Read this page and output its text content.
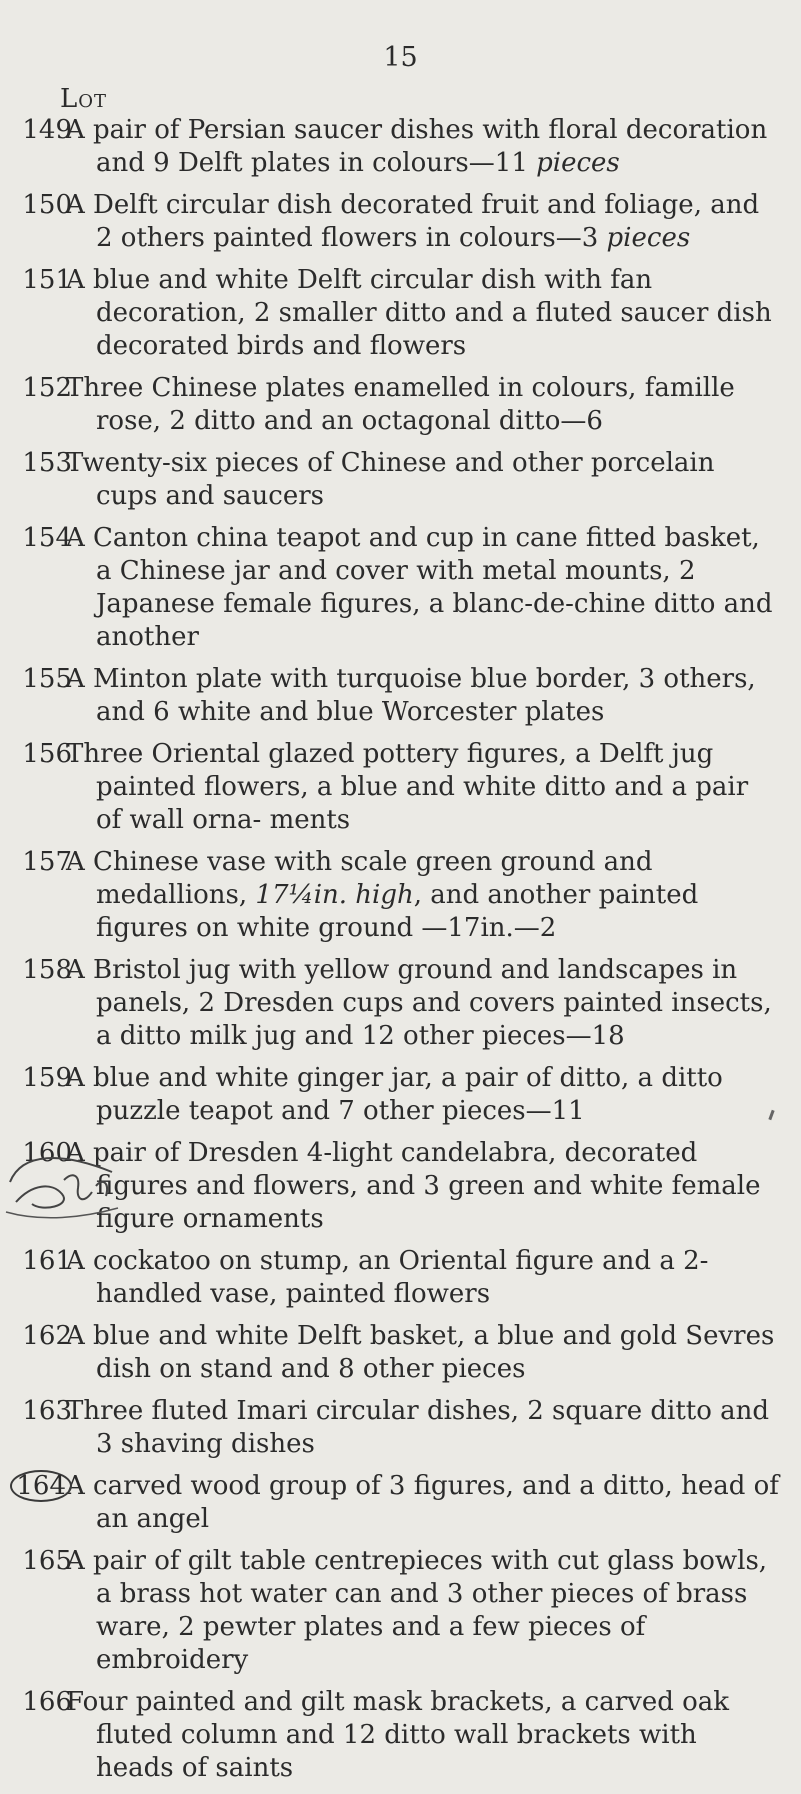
15
Lot
149
A pair of Persian saucer dishes with floral decoration and 9 Delft plates in colours—11 pieces
150
A Delft circular dish decorated fruit and foliage, and 2 others painted flowers in colours—3 pieces
151
A blue and white Delft circular dish with fan decoration, 2 smaller ditto and a fluted saucer dish decorated birds and flowers
152
Three Chinese plates enamelled in colours, famille rose, 2 ditto and an octagonal ditto—6
153
Twenty-six pieces of Chinese and other porcelain cups and saucers
154
A Canton china teapot and cup in cane fitted basket, a Chinese jar and cover with metal mounts, 2 Japanese female figures, a blanc-de-chine ditto and another
155
A Minton plate with turquoise blue border, 3 others, and 6 white and blue Worcester plates
156
Three Oriental glazed pottery figures, a Delft jug painted flowers, a blue and white ditto and a pair of wall orna- ments
157
A Chinese vase with scale green ground and medallions, 17¼in. high, and another painted figures on white ground —17in.—2
158
A Bristol jug with yellow ground and landscapes in panels, 2 Dresden cups and covers painted insects, a ditto milk jug and 12 other pieces—18
159
A blue and white ginger jar, a pair of ditto, a ditto puzzle teapot and 7 other pieces—11
160
A pair of Dresden 4-light candelabra, decorated figures and flowers, and 3 green and white female figure ornaments
161
A cockatoo on stump, an Oriental figure and a 2-handled vase, painted flowers
162
A blue and white Delft basket, a blue and gold Sevres dish on stand and 8 other pieces
163
Three fluted Imari circular dishes, 2 square ditto and 3 shaving dishes
164 A carved wood group of 3 figures, and a ditto, head of an angel
165
A pair of gilt table centrepieces with cut glass bowls, a brass hot water can and 3 other pieces of brass ware, 2 pewter plates and a few pieces of embroidery
166
Four painted and gilt mask brackets, a carved oak fluted column and 12 ditto wall brackets with heads of saints
